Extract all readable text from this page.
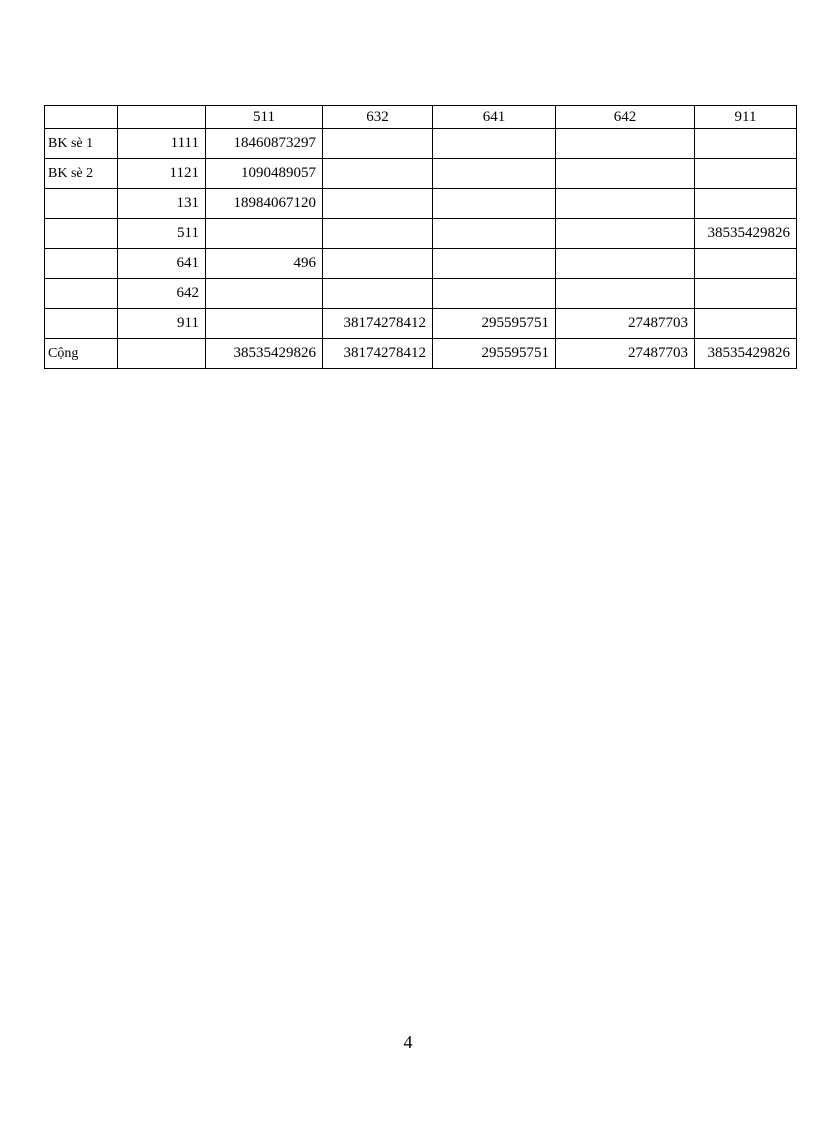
		511	632	641	642	911
BK sè 1	1111	18460873297				
BK sè 2	1121	1090489057				
	131	18984067120				
	511					38535429826
	641	496				
	642					
	911		38174278412	295595751	27487703	
Cộng		38535429826	38174278412	295595751	27487703	38535429826
4
